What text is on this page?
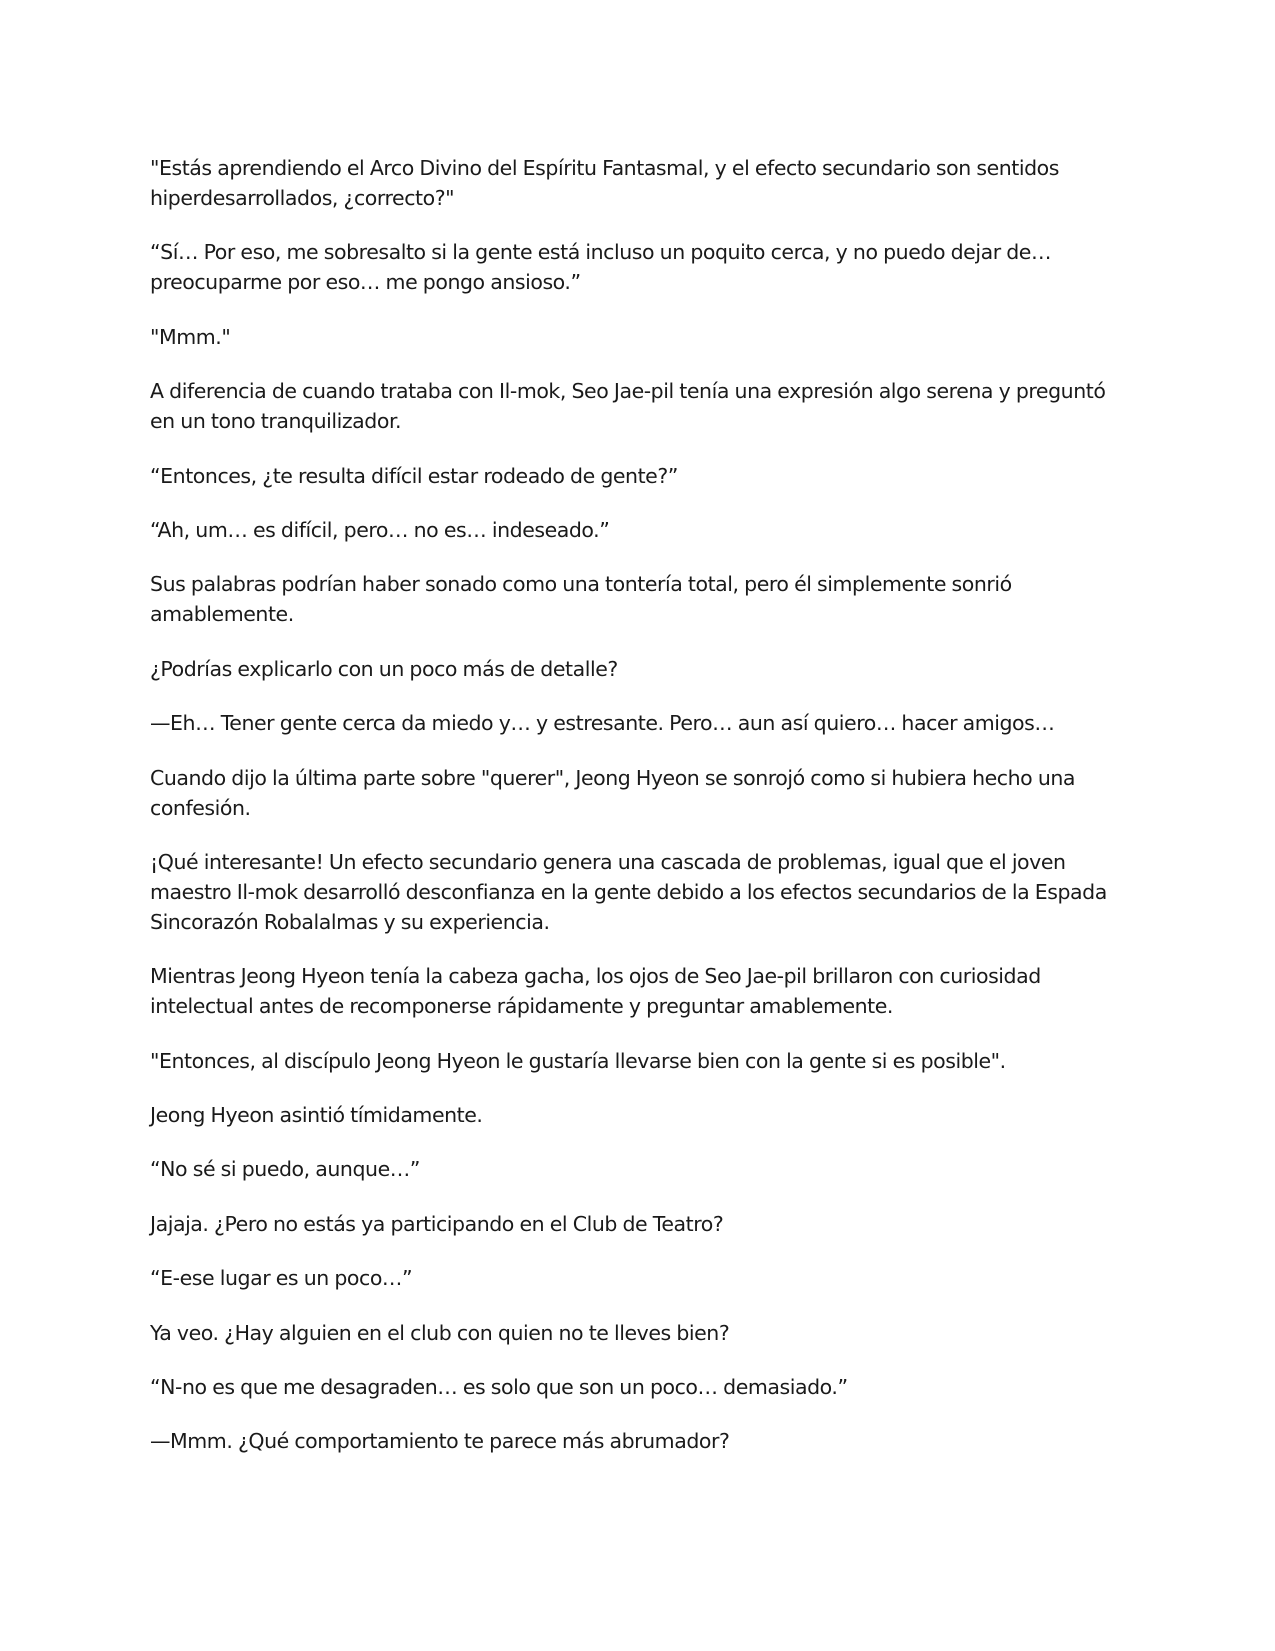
"Estás aprendiendo el Arco Divino del Espíritu Fantasmal, y el efecto secundario son sentidos hiperdesarrollados, ¿correcto?"

“Sí… Por eso, me sobresalto si la gente está incluso un poquito cerca, y no puedo dejar de… preocuparme por eso… me pongo ansioso.”

"Mmm."

A diferencia de cuando trataba con Il-mok, Seo Jae-pil tenía una expresión algo serena y preguntó en un tono tranquilizador.

“Entonces, ¿te resulta difícil estar rodeado de gente?”

“Ah, um… es difícil, pero… no es… indeseado.”

Sus palabras podrían haber sonado como una tontería total, pero él simplemente sonrió amablemente.

¿Podrías explicarlo con un poco más de detalle?

—Eh… Tener gente cerca da miedo y… y estresante. Pero… aun así quiero… hacer amigos…

Cuando dijo la última parte sobre "querer", Jeong Hyeon se sonrojó como si hubiera hecho una confesión.

¡Qué interesante! Un efecto secundario genera una cascada de problemas, igual que el joven maestro Il-mok desarrolló desconfianza en la gente debido a los efectos secundarios de la Espada Sincorazón Robalalmas y su experiencia.

Mientras Jeong Hyeon tenía la cabeza gacha, los ojos de Seo Jae-pil brillaron con curiosidad intelectual antes de recomponerse rápidamente y preguntar amablemente.

"Entonces, al discípulo Jeong Hyeon le gustaría llevarse bien con la gente si es posible".

Jeong Hyeon asintió tímidamente.

“No sé si puedo, aunque…”

Jajaja. ¿Pero no estás ya participando en el Club de Teatro?

“E-ese lugar es un poco…”

Ya veo. ¿Hay alguien en el club con quien no te lleves bien?

“N-no es que me desagraden… es solo que son un poco… demasiado.”

—Mmm. ¿Qué comportamiento te parece más abrumador?
